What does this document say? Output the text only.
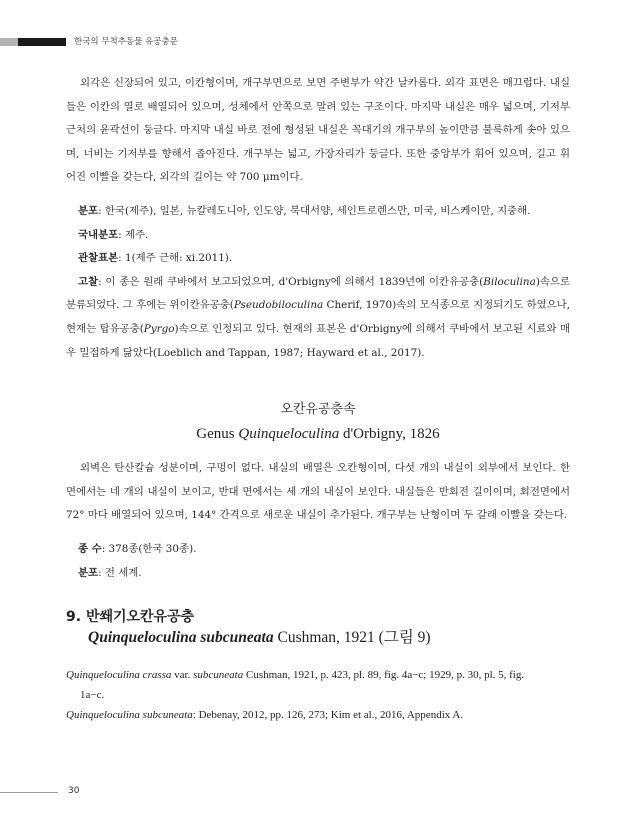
한국의 무척추동물 유공충문

외각은 신장되어 있고, 이칸형이며, 개구부면으로 보면 주변부가 약간 날카롭다. 외각 표면은 매끄럽다. 내실들은 이칸의 열로 배열되어 있으며, 성체에서 안쪽으로 말려 있는 구조이다. 마지막 내실은 매우 넓으며, 기저부 근처의 윤곽선이 둥글다. 마지막 내실 바로 전에 형성된 내실은 꼭대기의 개구부의 높이만큼 불룩하게 솟아 있으며, 너비는 기저부를 향해서 좁아진다. 개구부는 넓고, 가장자리가 둥글다. 또한 중앙부가 휘어 있으며, 길고 휘어진 이빨을 갖는다, 외각의 길이는 약 700 μm이다.

분포: 한국(제주), 일본, 뉴칼레도니아, 인도양, 북대서양, 세인트로렌스만, 미국, 비스케이만, 지중해.

국내분포: 제주.

관찰표본: 1(제주 근해: xi.2011).

고찰: 이 종은 원래 쿠바에서 보고되었으며, d'Orbigny에 의해서 1839년에 이칸유공충(Biloculina)속으로 분류되었다. 그 후에는 위이칸유공충(Pseudobiloculina Cherif, 1970)속의 모식종으로 지정되기도 하였으나, 현재는 탑유공충(Pyrgo)속으로 인정되고 있다. 현재의 표본은 d'Orbigny에 의해서 쿠바에서 보고된 시료와 매우 밀접하게 닮았다(Loeblich and Tappan, 1987; Hayward et al., 2017).

오칸유공충속
Genus Quinqueloculina d'Orbigny, 1826

외벽은 탄산칼슘 성분이며, 구멍이 없다. 내실의 배열은 오칸형이며, 다섯 개의 내실이 외부에서 보인다. 한 면에서는 네 개의 내실이 보이고, 반대 면에서는 세 개의 내실이 보인다. 내실들은 반회전 길이이며, 회전면에서 72° 마다 배열되어 있으며, 144° 간격으로 새로운 내실이 추가된다. 개구부는 난형이며 두 갈래 이빨을 갖는다.

종 수: 378종(한국 30종).

분포: 전 세계.

9. 반쐐기오칸유공충
Quinqueloculina subcuneata Cushman, 1921 (그림 9)

Quinqueloculina crassa var. subcuneata Cushman, 1921, p. 423, pl. 89, fig. 4a−c; 1929, p. 30, pl. 5, fig.

1a−c.

Quinqueloculina subcuneata: Debenay, 2012, pp. 126, 273; Kim et al., 2016, Appendix A.

30
